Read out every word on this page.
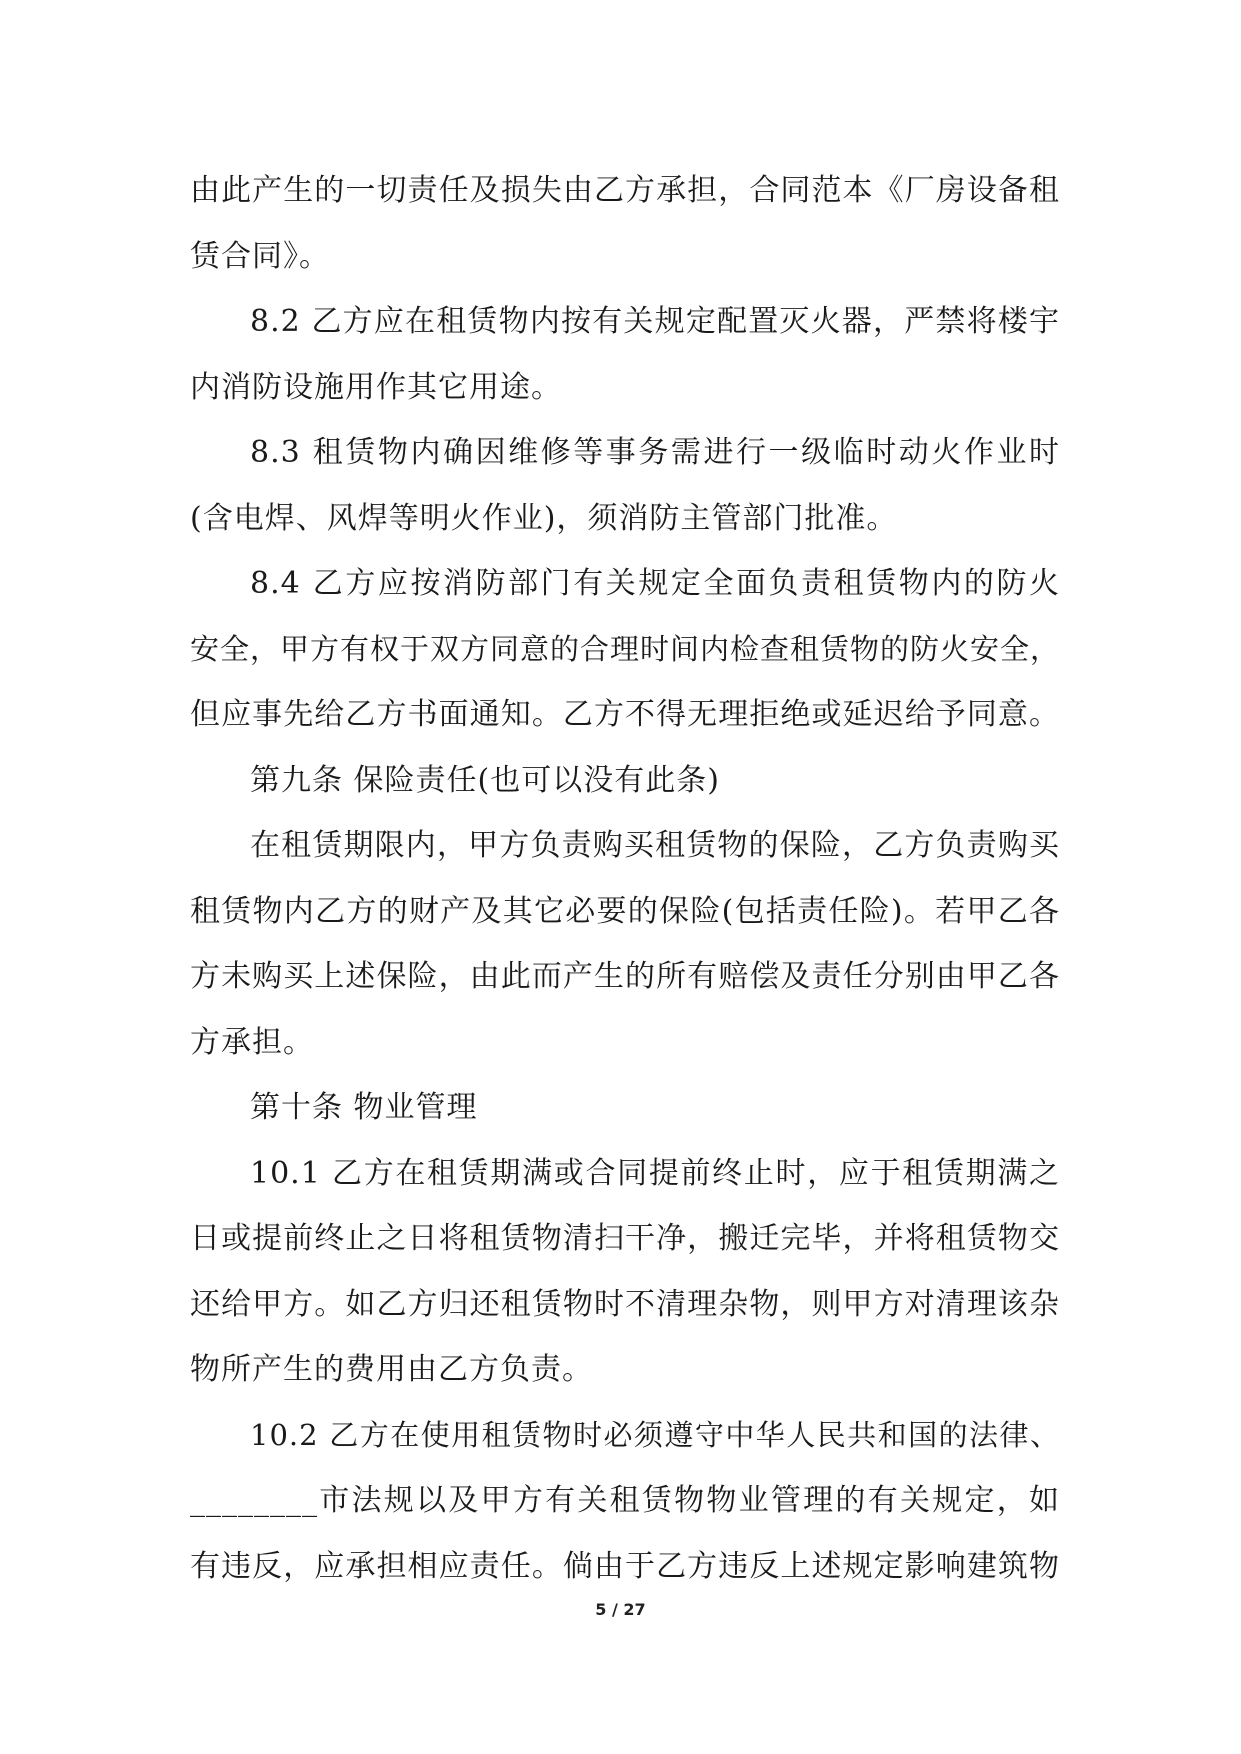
由此产生的一切责任及损失由乙方承担，合同范本《厂房设备租
赁合同》。
8.2 乙方应在租赁物内按有关规定配置灭火器，严禁将楼宇
内消防设施用作其它用途。
8.3 租赁物内确因维修等事务需进行一级临时动火作业时
(含电焊、风焊等明火作业)，须消防主管部门批准。
8.4 乙方应按消防部门有关规定全面负责租赁物内的防火
安全，甲方有权于双方同意的合理时间内检查租赁物的防火安全，
但应事先给乙方书面通知。乙方不得无理拒绝或延迟给予同意。
第九条 保险责任(也可以没有此条)
在租赁期限内，甲方负责购买租赁物的保险，乙方负责购买
租赁物内乙方的财产及其它必要的保险(包括责任险)。若甲乙各
方未购买上述保险，由此而产生的所有赔偿及责任分别由甲乙各
方承担。
第十条 物业管理
10.1 乙方在租赁期满或合同提前终止时，应于租赁期满之
日或提前终止之日将租赁物清扫干净，搬迁完毕，并将租赁物交
还给甲方。如乙方归还租赁物时不清理杂物，则甲方对清理该杂
物所产生的费用由乙方负责。
10.2 乙方在使用租赁物时必须遵守中华人民共和国的法律、
________市法规以及甲方有关租赁物物业管理的有关规定，如
有违反，应承担相应责任。倘由于乙方违反上述规定影响建筑物
5 / 27
